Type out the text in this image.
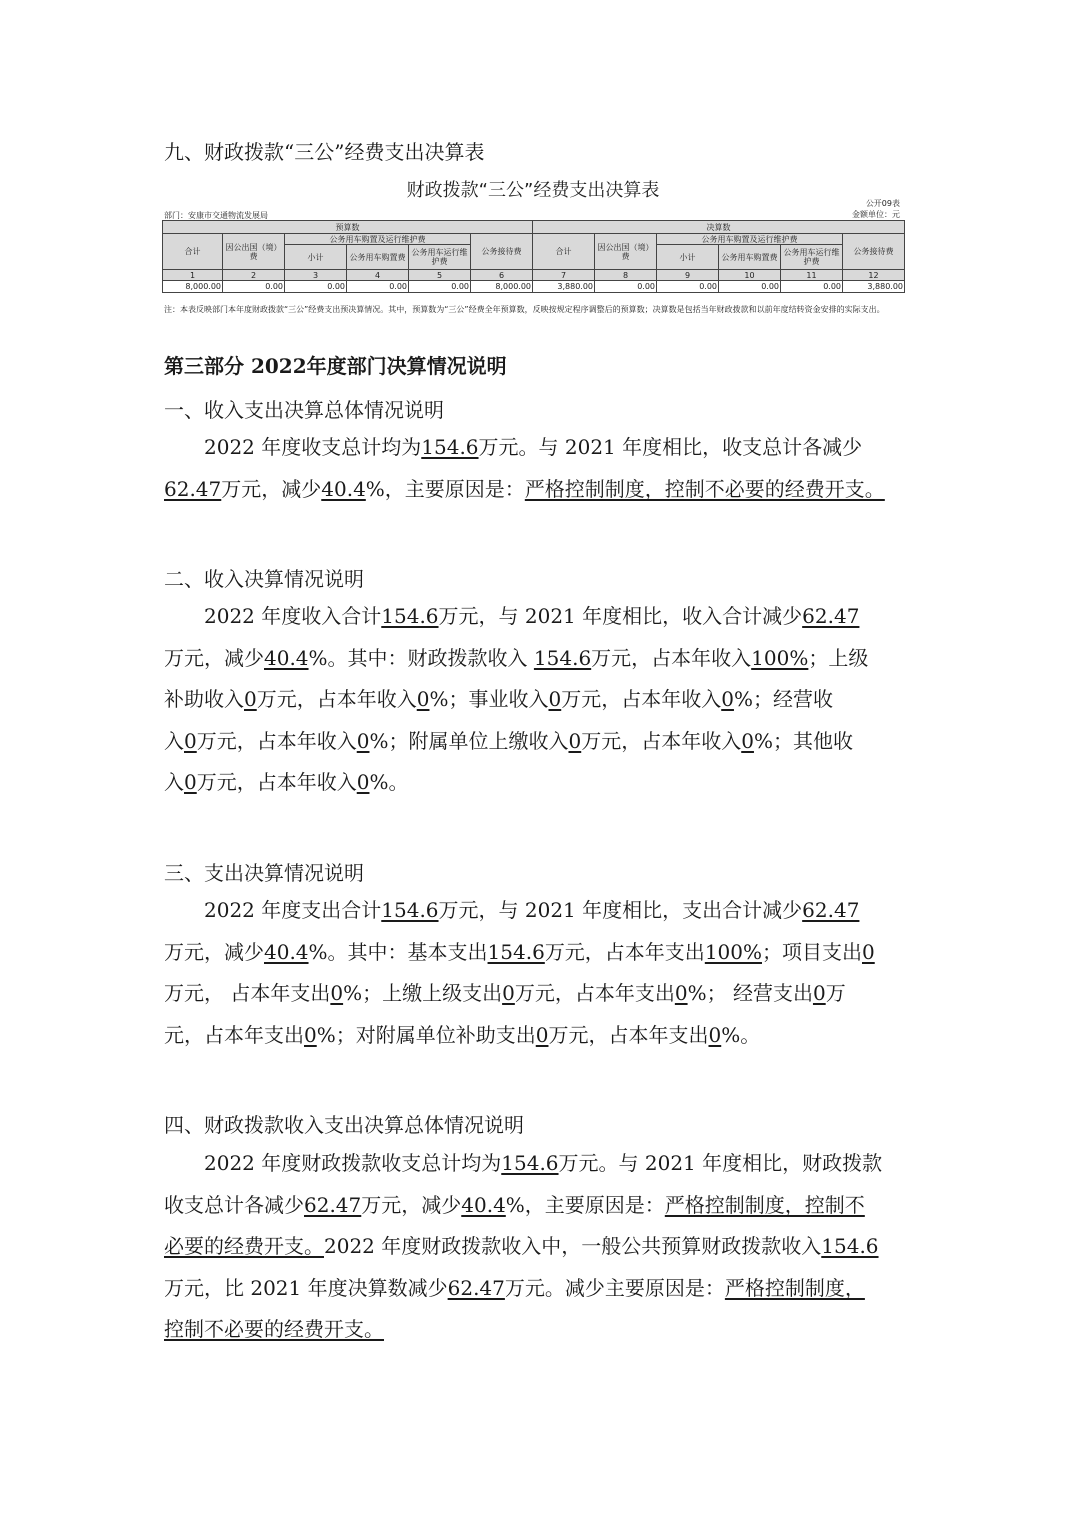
九、财政拨款“三公”经费支出决算表
财政拨款“三公”经费支出决算表
公开09表
金额单位：元
部门：安康市交通物流发展局
预算数						决算数					
合计	因公出国（境）费	公务用车购置及运行维护费			公务接待费	合计	因公出国（境）费	公务用车购置及运行维护费			公务接待费
		小计	公务用车购置费	公务用车运行维护费				小计	公务用车购置费	公务用车运行维护费	
1	2	3	4	5	6	7	8	9	10	11	12
8,000.00	0.00	0.00	0.00	0.00	8,000.00	3,880.00	0.00	0.00	0.00	0.00	3,880.00
注：本表反映部门本年度财政拨款“三公”经费支出预决算情况。其中，预算数为“三公”经费全年预算数，反映按规定程序调整后的预算数；决算数是包括当年财政拨款和以前年度结转资金安排的实际支出。
第三部分 2022年度部门决算情况说明
一、收入支出决算总体情况说明
2022 年度收支总计均为154.6万元。与 2021 年度相比，收支总计各减少
62.47万元，减少40.4%，主要原因是：严格控制制度，控制不必要的经费开支。
二、收入决算情况说明
2022 年度收入合计154.6万元，与 2021 年度相比，收入合计减少62.47
万元，减少40.4%。其中：财政拨款收入 154.6万元，占本年收入100%；上级
补助收入0万元，占本年收入0%；事业收入0万元，占本年收入0%；经营收
入0万元，占本年收入0%；附属单位上缴收入0万元，占本年收入0%；其他收
入0万元，占本年收入0%。
三、支出决算情况说明
2022 年度支出合计154.6万元，与 2021 年度相比，支出合计减少62.47
万元，减少40.4%。其中：基本支出154.6万元，占本年支出100%；项目支出0
万元， 占本年支出0%；上缴上级支出0万元，占本年支出0%； 经营支出0万
元，占本年支出0%；对附属单位补助支出0万元，占本年支出0%。
四、财政拨款收入支出决算总体情况说明
2022 年度财政拨款收支总计均为154.6万元。与 2021 年度相比，财政拨款
收支总计各减少62.47万元，减少40.4%，主要原因是：严格控制制度，控制不
必要的经费开支。2022 年度财政拨款收入中，一般公共预算财政拨款收入154.6
万元，比 2021 年度决算数减少62.47万元。减少主要原因是：严格控制制度，
控制不必要的经费开支。
